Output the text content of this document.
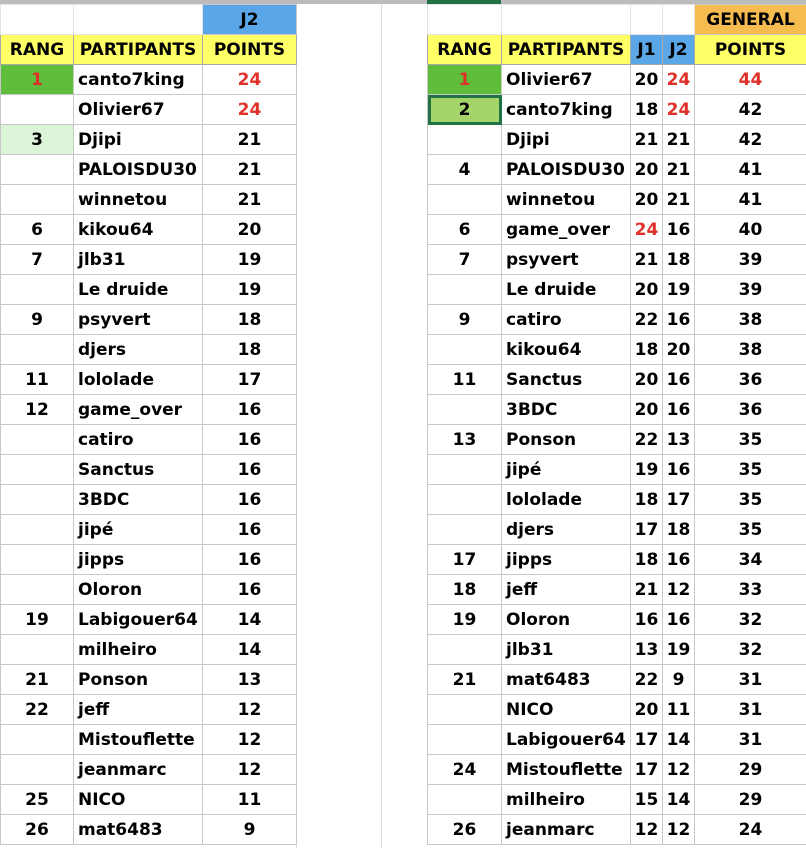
		J2
RANG	PARTIPANTS	POINTS
1	canto7king	24
	Olivier67	24
3	Djipi	21
	PALOISDU30	21
	winnetou	21
6	kikou64	20
7	jlb31	19
	Le druide	19
9	psyvert	18
	djers	18
11	lololade	17
12	game_over	16
	catiro	16
	Sanctus	16
	3BDC	16
	jipé	16
	jipps	16
	Oloron	16
19	Labigouer64	14
	milheiro	14
21	Ponson	13
22	jeff	12
	Mistouflette	12
	jeanmarc	12
25	NICO	11
26	mat6483	9
				GENERAL
RANG	PARTIPANTS	J1	J2	POINTS
1	Olivier67	20	24	44
2	canto7king	18	24	42
	Djipi	21	21	42
4	PALOISDU30	20	21	41
	winnetou	20	21	41
6	game_over	24	16	40
7	psyvert	21	18	39
	Le druide	20	19	39
9	catiro	22	16	38
	kikou64	18	20	38
11	Sanctus	20	16	36
	3BDC	20	16	36
13	Ponson	22	13	35
	jipé	19	16	35
	lololade	18	17	35
	djers	17	18	35
17	jipps	18	16	34
18	jeff	21	12	33
19	Oloron	16	16	32
	jlb31	13	19	32
21	mat6483	22	9	31
	NICO	20	11	31
	Labigouer64	17	14	31
24	Mistouflette	17	12	29
	milheiro	15	14	29
26	jeanmarc	12	12	24
